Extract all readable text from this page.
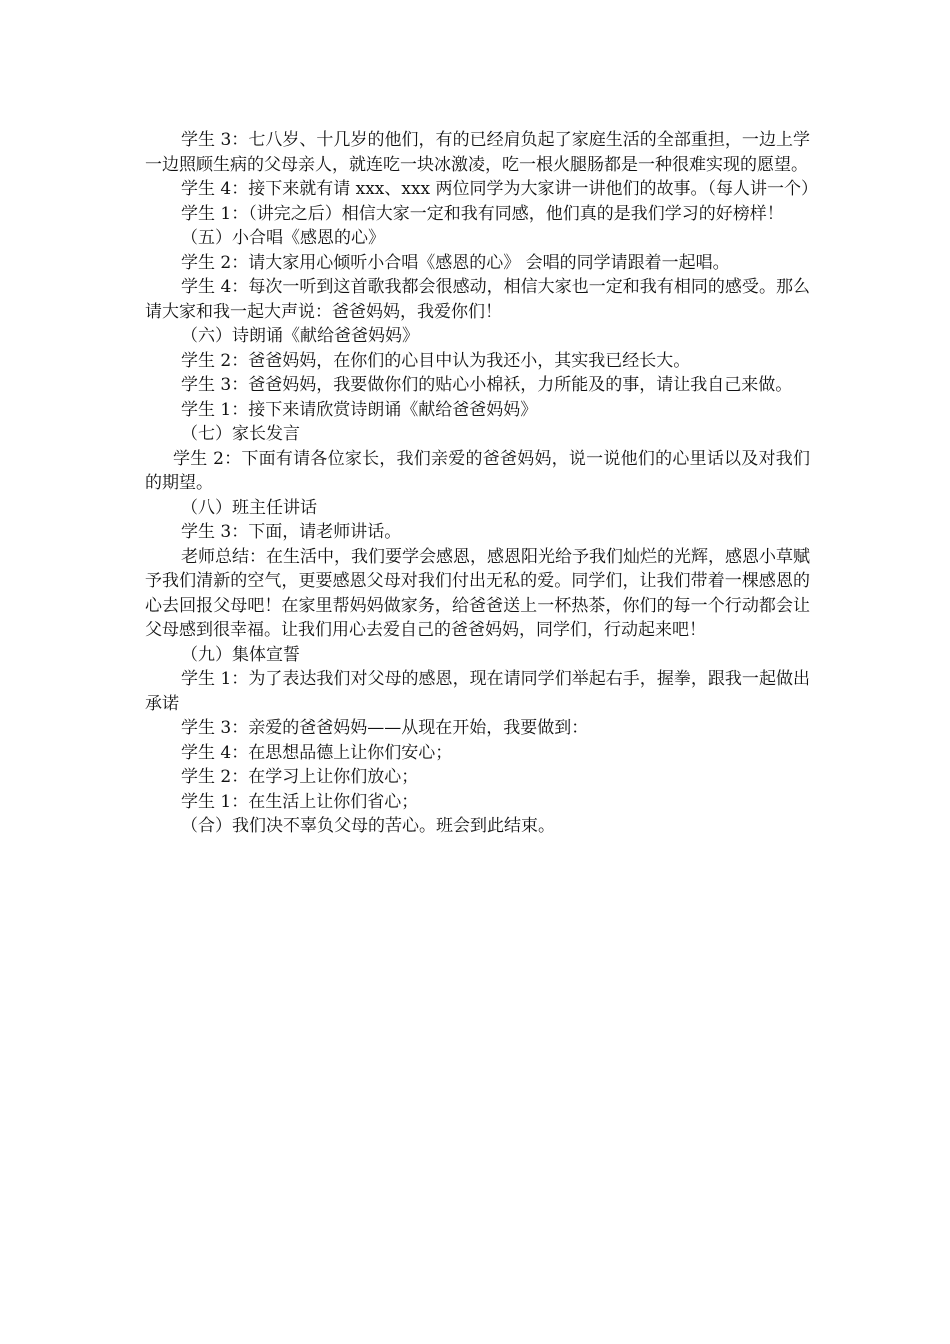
学生 3：七八岁、十几岁的他们，有的已经肩负起了家庭生活的全部重担，一边上学一边照顾生病的父母亲人，就连吃一块冰激凌，吃一根火腿肠都是一种很难实现的愿望。

学生 4：接下来就有请 xxx、xxx 两位同学为大家讲一讲他们的故事。（每人讲一个）

学生 1：（讲完之后）相信大家一定和我有同感，他们真的是我们学习的好榜样！

（五）小合唱《感恩的心》

学生 2：请大家用心倾听小合唱《感恩的心》 会唱的同学请跟着一起唱。

学生 4：每次一听到这首歌我都会很感动，相信大家也一定和我有相同的感受。那么请大家和我一起大声说：爸爸妈妈，我爱你们！

（六）诗朗诵《献给爸爸妈妈》

学生 2：爸爸妈妈，在你们的心目中认为我还小，其实我已经长大。

学生 3：爸爸妈妈，我要做你们的贴心小棉袄，力所能及的事，请让我自己来做。

学生 1：接下来请欣赏诗朗诵《献给爸爸妈妈》

（七）家长发言

学生 2：下面有请各位家长，我们亲爱的爸爸妈妈，说一说他们的心里话以及对我们的期望。

（八）班主任讲话

学生 3：下面，请老师讲话。

老师总结：在生活中，我们要学会感恩，感恩阳光给予我们灿烂的光辉，感恩小草赋予我们清新的空气，更要感恩父母对我们付出无私的爱。同学们，让我们带着一棵感恩的心去回报父母吧！在家里帮妈妈做家务，给爸爸送上一杯热茶，你们的每一个行动都会让父母感到很幸福。让我们用心去爱自己的爸爸妈妈，同学们，行动起来吧！

（九）集体宣誓

学生 1：为了表达我们对父母的感恩，现在请同学们举起右手，握拳，跟我一起做出承诺

学生 3：亲爱的爸爸妈妈——从现在开始，我要做到：

学生 4：在思想品德上让你们安心；

学生 2：在学习上让你们放心；

学生 1：在生活上让你们省心；

（合）我们决不辜负父母的苦心。班会到此结束。
